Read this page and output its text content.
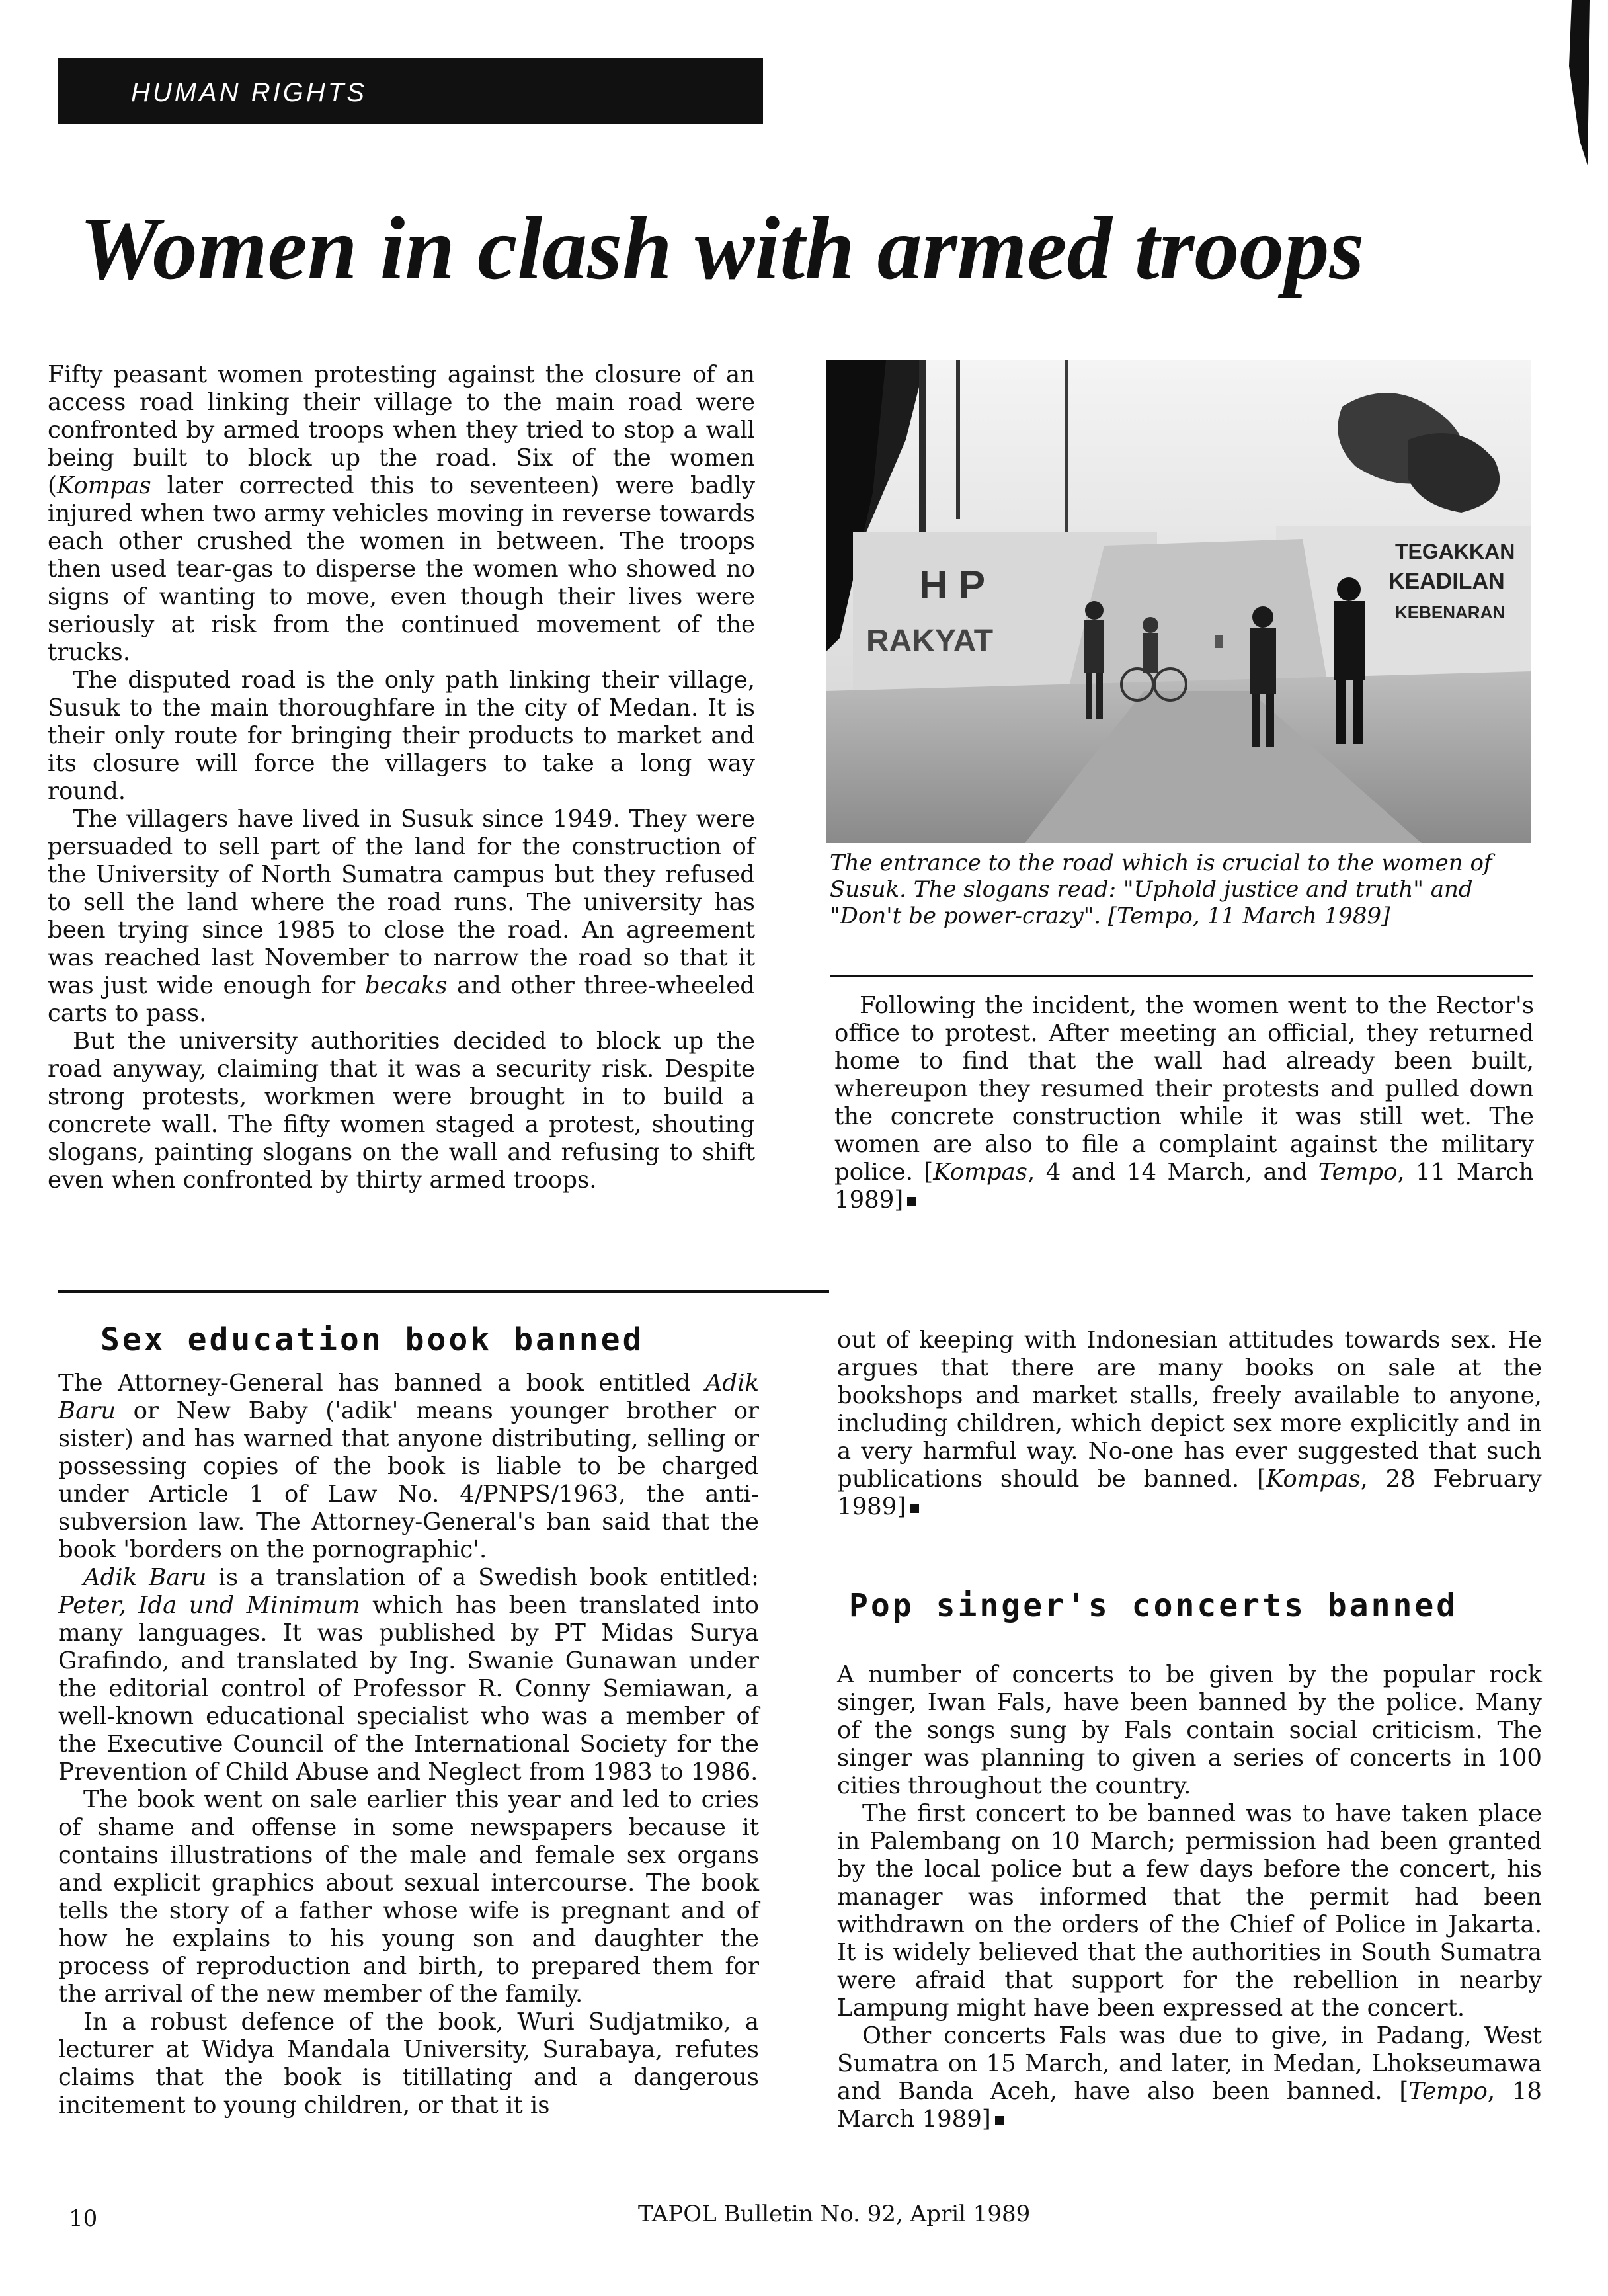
HUMAN RIGHTS
Women in clash with armed troops

Fifty peasant women protesting against the closure of an access road linking their village to the main road were confronted by armed troops when they tried to stop a wall being built to block up the road. Six of the women (Kompas later corrected this to seventeen) were badly injured when two army vehicles moving in reverse towards each other crushed the women in between. The troops then used tear-gas to disperse the women who showed no signs of wanting to move, even though their lives were seriously at risk from the continued movement of the trucks.

The disputed road is the only path linking their village, Susuk to the main thoroughfare in the city of Medan. It is their only route for bringing their products to market and its closure will force the villagers to take a long way round.

The villagers have lived in Susuk since 1949. They were persuaded to sell part of the land for the construction of the University of North Sumatra campus but they refused to sell the land where the road runs. The university has been trying since 1985 to close the road. An agreement was reached last November to narrow the road so that it was just wide enough for becaks and other three-wheeled carts to pass.

But the university authorities decided to block up the road anyway, claiming that it was a security risk. Despite strong protests, workmen were brought in to build a concrete wall. The fifty women staged a protest, shouting slogans, painting slogans on the wall and refusing to shift even when confronted by thirty armed troops.

H P
RAKYAT
TEGAKKAN
KEADILAN
KEBENARAN
The entrance to the road which is crucial to the women of Susuk. The slogans read: "Uphold justice and truth" and "Don't be power-crazy". [Tempo, 11 March 1989]

Following the incident, the women went to the Rector's office to protest. After meeting an official, they returned home to find that the wall had already been built, whereupon they resumed their protests and pulled down the concrete construction while it was still wet. The women are also to file a complaint against the military police. [Kompas, 4 and 14 March, and Tempo, 11 March 1989]

Sex education book banned

The Attorney-General has banned a book entitled Adik Baru or New Baby ('adik' means younger brother or sister) and has warned that anyone distributing, selling or possessing copies of the book is liable to be charged under Article 1 of Law No. 4/PNPS/1963, the anti-subversion law. The Attorney-General's ban said that the book 'borders on the pornographic'.

Adik Baru is a translation of a Swedish book entitled: Peter, Ida und Minimum which has been translated into many languages. It was published by PT Midas Surya Grafindo, and translated by Ing. Swanie Gunawan under the editorial control of Professor R. Conny Semiawan, a well-known educational specialist who was a member of the Executive Council of the International Society for the Prevention of Child Abuse and Neglect from 1983 to 1986.

The book went on sale earlier this year and led to cries of shame and offense in some newspapers because it contains illustrations of the male and female sex organs and explicit graphics about sexual intercourse. The book tells the story of a father whose wife is pregnant and of how he explains to his young son and daughter the process of reproduction and birth, to prepared them for the arrival of the new member of the family.

In a robust defence of the book, Wuri Sudjatmiko, a lecturer at Widya Mandala University, Surabaya, refutes claims that the book is titillating and a dangerous incitement to young children, or that it is

out of keeping with Indonesian attitudes towards sex. He argues that there are many books on sale at the bookshops and market stalls, freely available to anyone, including children, which depict sex more explicitly and in a very harmful way. No-one has ever suggested that such publications should be banned. [Kompas, 28 February 1989]

Pop singer's concerts banned

A number of concerts to be given by the popular rock singer, Iwan Fals, have been banned by the police. Many of the songs sung by Fals contain social criticism. The singer was planning to given a series of concerts in 100 cities throughout the country.

The first concert to be banned was to have taken place in Palembang on 10 March; permission had been granted by the local police but a few days before the concert, his manager was informed that the permit had been withdrawn on the orders of the Chief of Police in Jakarta. It is widely believed that the authorities in South Sumatra were afraid that support for the rebellion in nearby Lampung might have been expressed at the concert.

Other concerts Fals was due to give, in Padang, West Sumatra on 15 March, and later, in Medan, Lhokseumawa and Banda Aceh, have also been banned. [Tempo, 18 March 1989]

10	TAPOL Bulletin No. 92, April 1989
